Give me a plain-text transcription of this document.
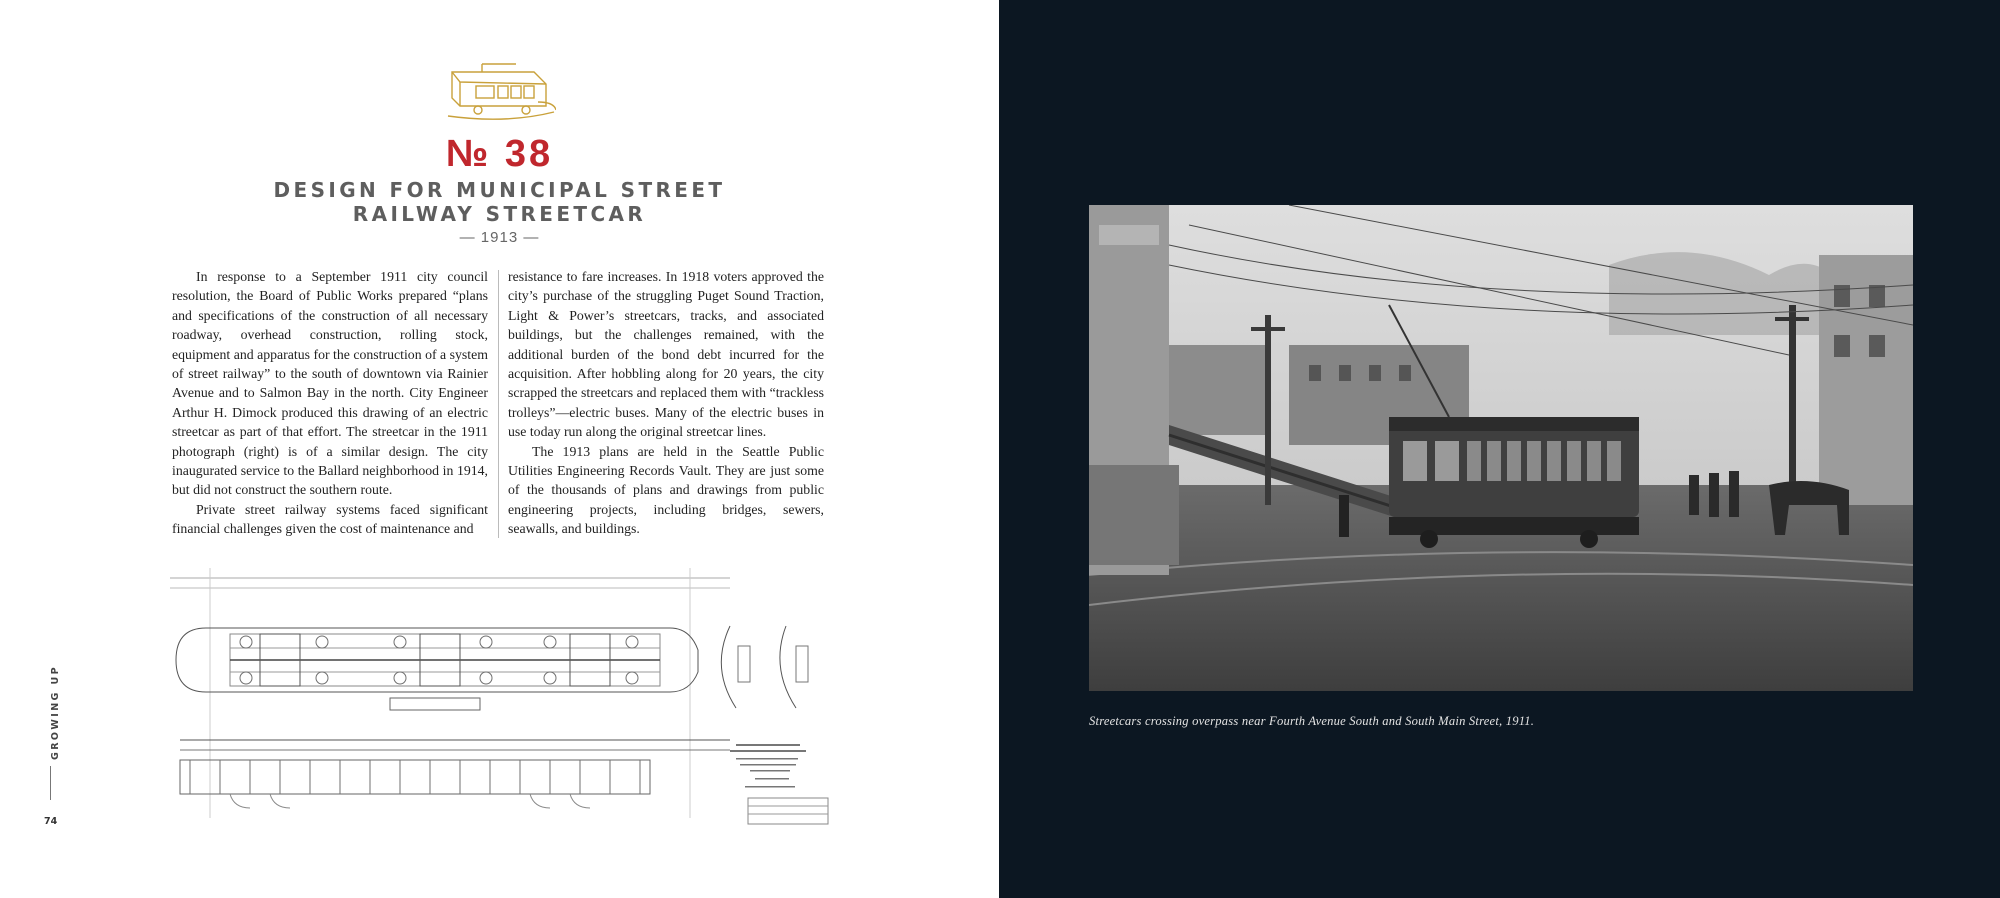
№ 38
DESIGN FOR MUNICIPAL STREET
RAILWAY STREETCAR
— 1913 —

In response to a September 1911 city council resolution, the Board of Public Works prepared “plans and specifications of the construction of all necessary roadway, overhead construction, rolling stock, equipment and apparatus for the construction of a system of street railway” to the south of downtown via Rainier Avenue and to Salmon Bay in the north. City Engineer Arthur H. Dimock produced this drawing of an electric streetcar as part of that effort. The streetcar in the 1911 photograph (right) is of a similar design. The city inaugurated service to the Ballard neighborhood in 1914, but did not construct the southern route.

Private street railway systems faced significant financial challenges given the cost of maintenance and

resistance to fare increases. In 1918 voters approved the city’s purchase of the struggling Puget Sound Traction, Light & Power’s streetcars, tracks, and associated buildings, but the challenges remained, with the additional burden of the bond debt incurred for the acquisition. After hobbling along for 20 years, the city scrapped the streetcars and replaced them with “trackless trolleys”—electric buses. Many of the electric buses in use today run along the original streetcar lines.

The 1913 plans are held in the Seattle Public Utilities Engineering Records Vault. They are just some of the thousands of plans and drawings from public engineering projects, including bridges, sewers, seawalls, and buildings.

GROWING UP
74
Streetcars crossing overpass near Fourth Avenue South and South Main Street, 1911.
